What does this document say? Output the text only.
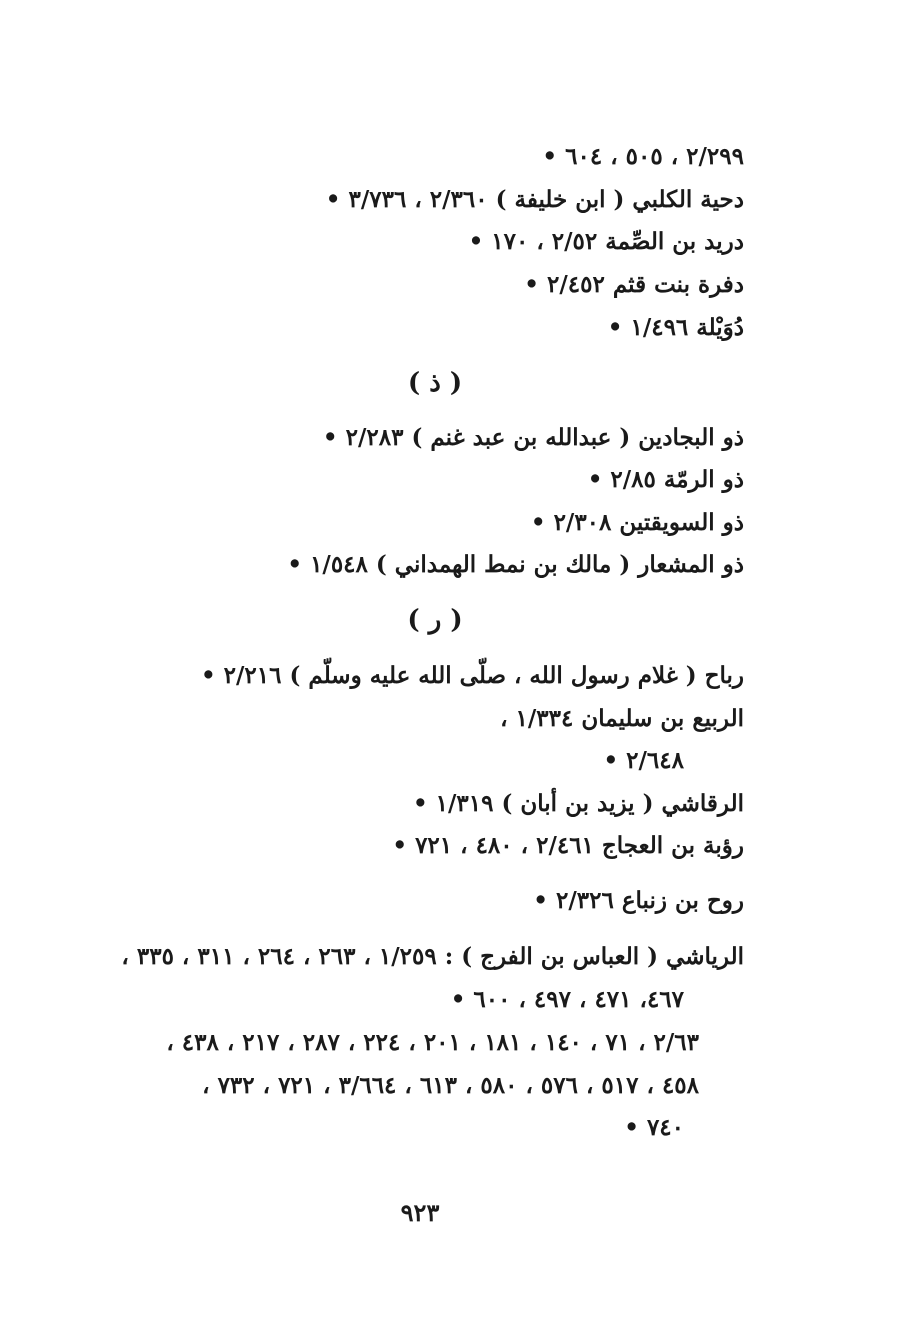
٢/٢٩٩ ، ٥٠٥ ، ٦٠٤ •
دحية الكلبي ( ابن خليفة ) ٢/٣٦٠ ، ٣/٧٣٦ •
دريد بن الصِّمة ٢/٥٢ ، ١٧٠ •
دفرة بنت قثم ٢/٤٥٢ •
دُوَيْلة ١/٤٩٦ •
( ذ )
ذو البجادين ( عبدالله بن عبد غنم ) ٢/٢٨٣ •
ذو الرمّة ٢/٨٥ •
ذو السويقتين ٢/٣٠٨ •
ذو المشعار ( مالك بن نمط الهمداني ) ١/٥٤٨ •
( ر )
رباح ( غلام رسول الله ، صلّى الله عليه وسلّم ) ٢/٢١٦ •
الربيع بن سليمان ١/٣٣٤ ،
٢/٦٤٨ •
الرقاشي ( يزيد بن أبان ) ١/٣١٩ •
رؤبة بن العجاج ٢/٤٦١ ، ٤٨٠ ، ٧٢١ •
روح بن زنباع ٢/٣٢٦ •
الرياشي ( العباس بن الفرج ) : ١/٢٥٩ ، ٢٦٣ ، ٢٦٤ ، ٣١١ ، ٣٣٥ ،
٤٦٧، ٤٧١ ، ٤٩٧ ، ٦٠٠ •
٢/٦٣ ، ٧١ ، ١٤٠ ، ١٨١ ، ٢٠١ ، ٢٢٤ ، ٢٨٧ ، ٢١٧ ، ٤٣٨ ،
٤٥٨ ، ٥١٧ ، ٥٧٦ ، ٥٨٠ ، ٦١٣ ، ٣/٦٦٤ ، ٧٢١ ، ٧٣٢ ،
٧٤٠ •
٩٢٣
